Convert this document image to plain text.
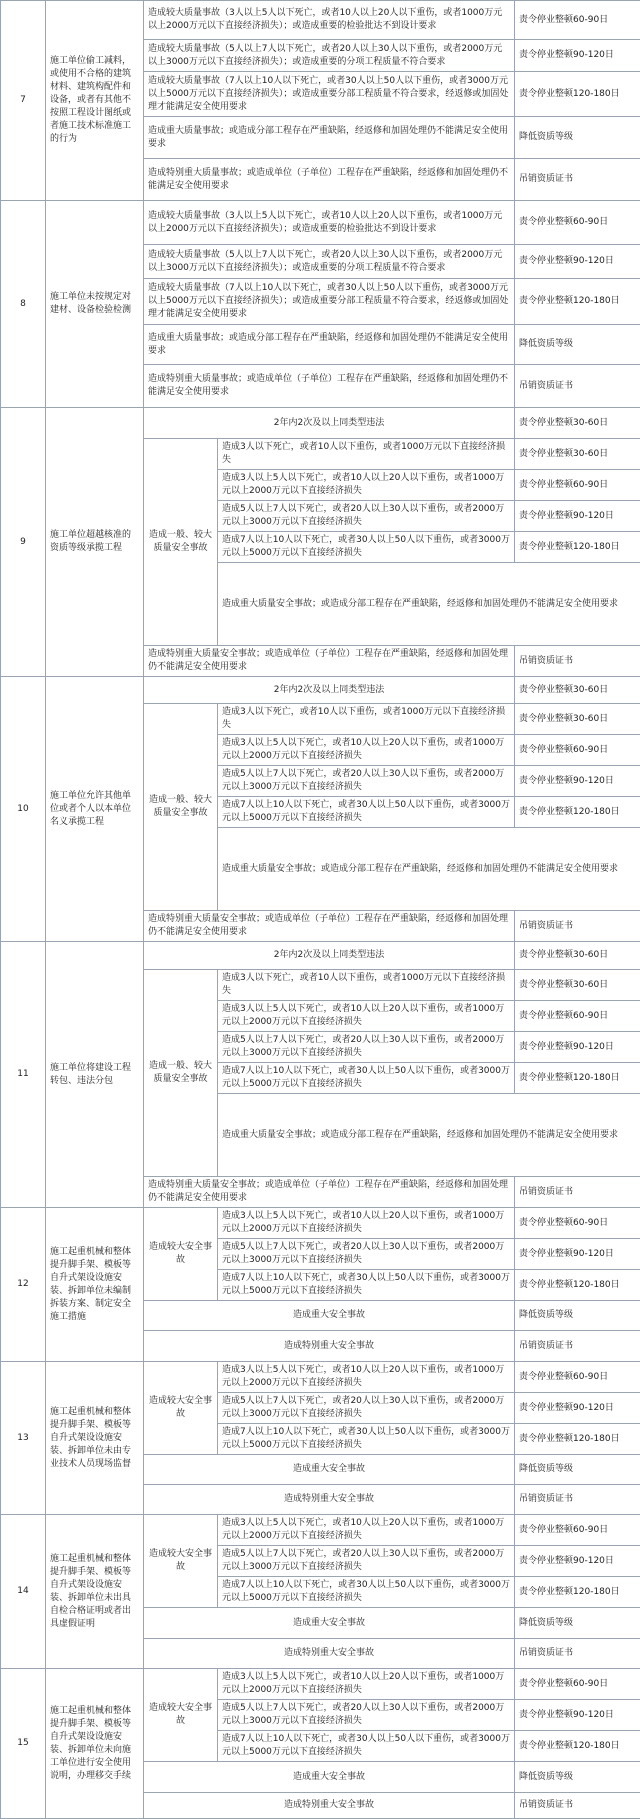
7	施工单位偷工减料，或使用不合格的建筑材料、建筑构配件和设备，或者有其他不按照工程设计图纸或者施工技术标准施工的行为	造成较大质量事故（3人以上5人以下死亡，或者10人以上20人以下重伤，或者1000万元以上2000万元以下直接经济损失）；或造成重要的检验批达不到设计要求		责令停业整顿60-90日	
		造成较大质量事故（5人以上7人以下死亡，或者20人以上30人以下重伤，或者2000万元以上3000万元以下直接经济损失）；或造成重要的分项工程质量不符合要求		责令停业整顿90-120日	
		造成较大质量事故（7人以上10人以下死亡，或者30人以上50人以下重伤，或者3000万元以上5000万元以下直接经济损失）；或造成重要分部工程质量不符合要求，经返修或加固处理才能满足安全使用要求		责令停业整顿120-180日	
		造成重大质量事故；或造成分部工程存在严重缺陷，经返修和加固处理仍不能满足安全使用要求		降低资质等级	
		造成特别重大质量事故；或造成单位（子单位）工程存在严重缺陷，经返修和加固处理仍不能满足安全使用要求		吊销资质证书	
8	施工单位未按规定对建材、设备检验检测	造成较大质量事故（3人以上5人以下死亡，或者10人以上20人以下重伤，或者1000万元以上2000万元以下直接经济损失）；或造成重要的检验批达不到设计要求		责令停业整顿60-90日	
		造成较大质量事故（5人以上7人以下死亡，或者20人以上30人以下重伤，或者2000万元以上3000万元以下直接经济损失）；或造成重要的分项工程质量不符合要求		责令停业整顿90-120日	
		造成较大质量事故（7人以上10人以下死亡，或者30人以上50人以下重伤，或者3000万元以上5000万元以下直接经济损失）；或造成重要分部工程质量不符合要求，经返修或加固处理才能满足安全使用要求		责令停业整顿120-180日	
		造成重大质量事故；或造成分部工程存在严重缺陷，经返修和加固处理仍不能满足安全使用要求		降低资质等级	
		造成特别重大质量事故；或造成单位（子单位）工程存在严重缺陷，经返修和加固处理仍不能满足安全使用要求		吊销资质证书	
9	施工单位超越核准的资质等级承揽工程	2年内2次及以上同类型违法		责令停业整顿30-60日	
		造成一般、较大质量安全事故	造成3人以下死亡，或者10人以下重伤，或者1000万元以下直接经济损失	责令停业整顿30-60日	
			造成3人以上5人以下死亡，或者10人以上20人以下重伤，或者1000万元以上2000万元以下直接经济损失	责令停业整顿60-90日	
			造成5人以上7人以下死亡，或者20人以上30人以下重伤，或者2000万元以上3000万元以下直接经济损失	责令停业整顿90-120日	
			造成7人以上10人以下死亡，或者30人以上50人以下重伤，或者3000万元以上5000万元以下直接经济损失	责令停业整顿120-180日	
			造成重大质量安全事故；或造成分部工程存在严重缺陷，经返修和加固处理仍不能满足安全使用要求	
		造成特别重大质量安全事故；或造成单位（子单位）工程存在严重缺陷，经返修和加固处理仍不能满足安全使用要求		吊销资质证书	
10	施工单位允许其他单位或者个人以本单位名义承揽工程	2年内2次及以上同类型违法		责令停业整顿30-60日	
		造成一般、较大质量安全事故	造成3人以下死亡，或者10人以下重伤，或者1000万元以下直接经济损失	责令停业整顿30-60日	
			造成3人以上5人以下死亡，或者10人以上20人以下重伤，或者1000万元以上2000万元以下直接经济损失	责令停业整顿60-90日	
			造成5人以上7人以下死亡，或者20人以上30人以下重伤，或者2000万元以上3000万元以下直接经济损失	责令停业整顿90-120日	
			造成7人以上10人以下死亡，或者30人以上50人以下重伤，或者3000万元以上5000万元以下直接经济损失	责令停业整顿120-180日	
			造成重大质量安全事故；或造成分部工程存在严重缺陷，经返修和加固处理仍不能满足安全使用要求	
		造成特别重大质量安全事故；或造成单位（子单位）工程存在严重缺陷，经返修和加固处理仍不能满足安全使用要求		吊销资质证书	
11	施工单位将建设工程转包、违法分包	2年内2次及以上同类型违法		责令停业整顿30-60日	
		造成一般、较大质量安全事故	造成3人以下死亡，或者10人以下重伤，或者1000万元以下直接经济损失	责令停业整顿30-60日	
			造成3人以上5人以下死亡，或者10人以上20人以下重伤，或者1000万元以上2000万元以下直接经济损失	责令停业整顿60-90日	
			造成5人以上7人以下死亡，或者20人以上30人以下重伤，或者2000万元以上3000万元以下直接经济损失	责令停业整顿90-120日	
			造成7人以上10人以下死亡，或者30人以上50人以下重伤，或者3000万元以上5000万元以下直接经济损失	责令停业整顿120-180日	
			造成重大质量安全事故；或造成分部工程存在严重缺陷，经返修和加固处理仍不能满足安全使用要求	
		造成特别重大质量安全事故；或造成单位（子单位）工程存在严重缺陷，经返修和加固处理仍不能满足安全使用要求		吊销资质证书	
12	施工起重机械和整体提升脚手架、模板等自升式架设设施安装、拆卸单位未编制拆装方案、制定安全施工措施	造成较大安全事故	造成3人以上5人以下死亡，或者10人以上20人以下重伤，或者1000万元以上2000万元以下直接经济损失	责令停业整顿60-90日	
			造成5人以上7人以下死亡，或者20人以上30人以下重伤，或者2000万元以上3000万元以下直接经济损失	责令停业整顿90-120日	
			造成7人以上10人以下死亡，或者30人以上50人以下重伤，或者3000万元以上5000万元以下直接经济损失	责令停业整顿120-180日	
		造成重大安全事故		降低资质等级	
		造成特别重大安全事故		吊销资质证书	
13	施工起重机械和整体提升脚手架、模板等自升式架设设施安装、拆卸单位未由专业技术人员现场监督	造成较大安全事故	造成3人以上5人以下死亡，或者10人以上20人以下重伤，或者1000万元以上2000万元以下直接经济损失	责令停业整顿60-90日	
			造成5人以上7人以下死亡，或者20人以上30人以下重伤，或者2000万元以上3000万元以下直接经济损失	责令停业整顿90-120日	
			造成7人以上10人以下死亡，或者30人以上50人以下重伤，或者3000万元以上5000万元以下直接经济损失	责令停业整顿120-180日	
		造成重大安全事故		降低资质等级	
		造成特别重大安全事故		吊销资质证书	
14	施工起重机械和整体提升脚手架、模板等自升式架设设施安装、拆卸单位未出具自检合格证明或者出具虚假证明	造成较大安全事故	造成3人以上5人以下死亡，或者10人以上20人以下重伤，或者1000万元以上2000万元以下直接经济损失	责令停业整顿60-90日	
			造成5人以上7人以下死亡，或者20人以上30人以下重伤，或者2000万元以上3000万元以下直接经济损失	责令停业整顿90-120日	
			造成7人以上10人以下死亡，或者30人以上50人以下重伤，或者3000万元以上5000万元以下直接经济损失	责令停业整顿120-180日	
		造成重大安全事故		降低资质等级	
		造成特别重大安全事故		吊销资质证书	
15	施工起重机械和整体提升脚手架、模板等自升式架设设施安装、拆卸单位未向施工单位进行安全使用说明，办理移交手续	造成较大安全事故	造成3人以上5人以下死亡，或者10人以上20人以下重伤，或者1000万元以上2000万元以下直接经济损失	责令停业整顿60-90日	
			造成5人以上7人以下死亡，或者20人以上30人以下重伤，或者2000万元以上3000万元以下直接经济损失	责令停业整顿90-120日	
			造成7人以上10人以下死亡，或者30人以上50人以下重伤，或者3000万元以上5000万元以下直接经济损失	责令停业整顿120-180日	
		造成重大安全事故		降低资质等级	
		造成特别重大安全事故		吊销资质证书	
